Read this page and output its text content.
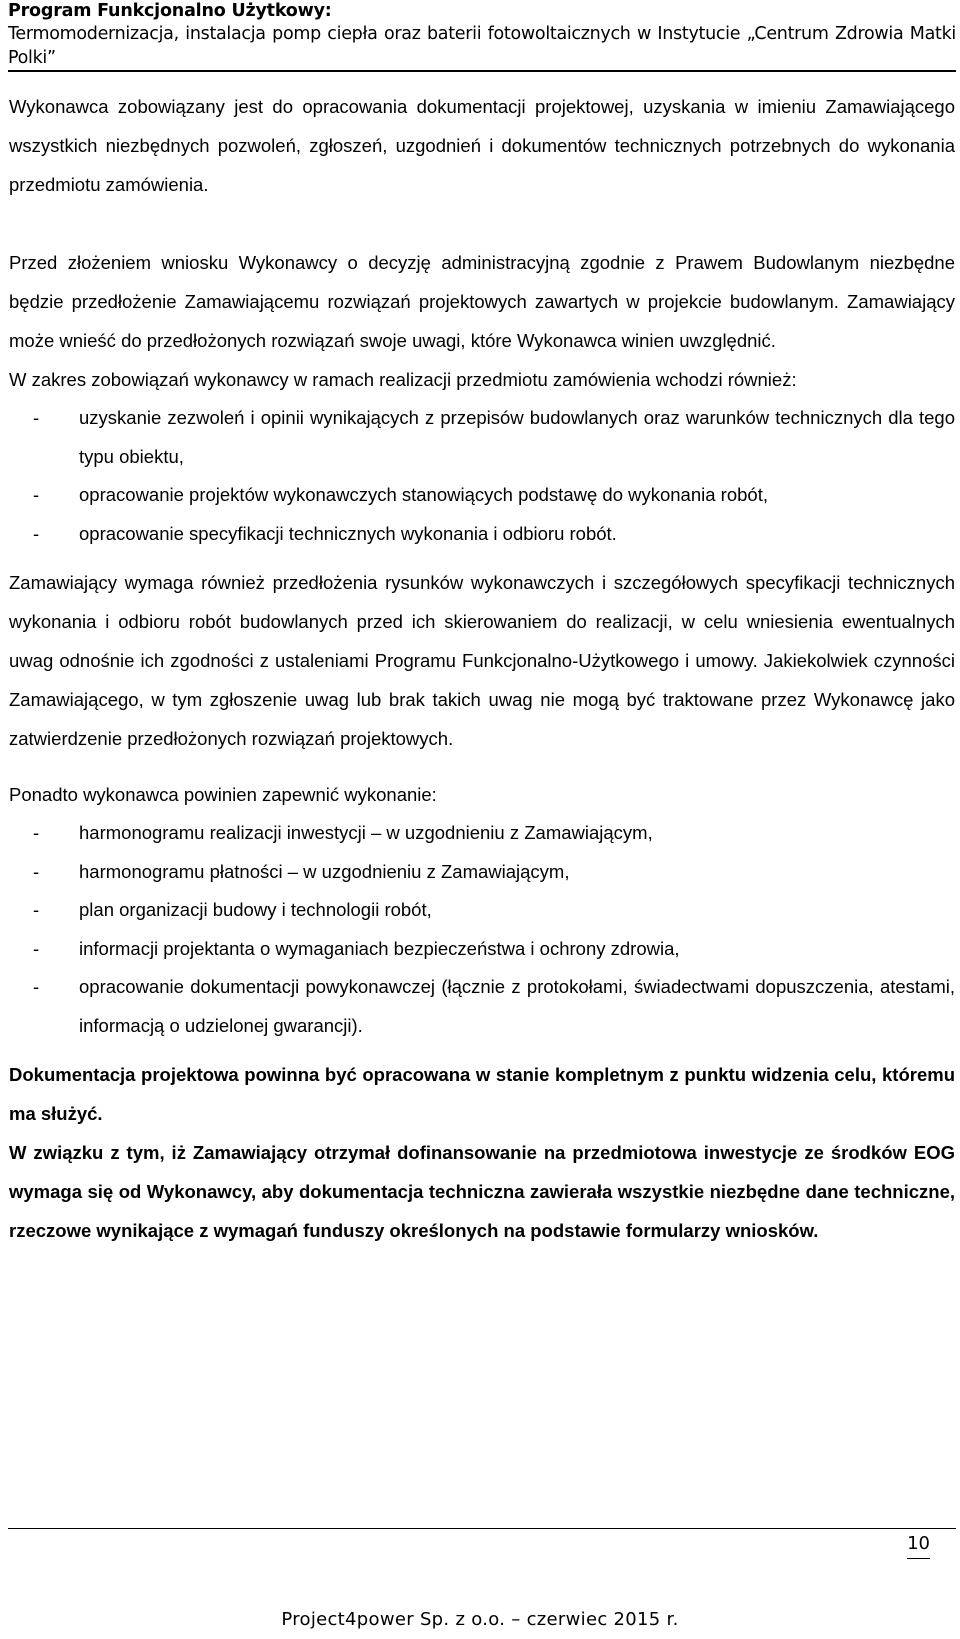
Program Funkcjonalno Użytkowy:
Termomodernizacja, instalacja pomp ciepła oraz baterii fotowoltaicznych w Instytucie „Centrum Zdrowia Matki Polki”

Wykonawca zobowiązany jest do opracowania dokumentacji projektowej, uzyskania w imieniu Zamawiającego wszystkich niezbędnych pozwoleń, zgłoszeń, uzgodnień i dokumentów technicznych potrzebnych do wykonania przedmiotu zamówienia.

Przed złożeniem wniosku Wykonawcy o decyzję administracyjną zgodnie z Prawem Budowlanym niezbędne będzie przedłożenie Zamawiającemu rozwiązań projektowych zawartych w projekcie budowlanym. Zamawiający może wnieść do przedłożonych rozwiązań swoje uwagi, które Wykonawca winien uwzględnić.

W zakres zobowiązań wykonawcy w ramach realizacji przedmiotu zamówienia wchodzi również:

- uzyskanie zezwoleń i opinii wynikających z przepisów budowlanych oraz warunków technicznych dla tego typu obiektu,
- opracowanie projektów wykonawczych stanowiących podstawę do wykonania robót,
- opracowanie specyfikacji technicznych wykonania i odbioru robót.

Zamawiający wymaga również przedłożenia rysunków wykonawczych i szczegółowych specyfikacji technicznych wykonania i odbioru robót budowlanych przed ich skierowaniem do realizacji, w celu wniesienia ewentualnych uwag odnośnie ich zgodności z ustaleniami Programu Funkcjonalno-Użytkowego i umowy. Jakiekolwiek czynności Zamawiającego, w tym zgłoszenie uwag lub brak takich uwag nie mogą być traktowane przez Wykonawcę jako zatwierdzenie przedłożonych rozwiązań projektowych.

Ponadto wykonawca powinien zapewnić wykonanie:

- harmonogramu realizacji inwestycji – w uzgodnieniu z Zamawiającym,
- harmonogramu płatności – w uzgodnieniu z Zamawiającym,
- plan organizacji budowy i technologii robót,
- informacji projektanta o wymaganiach bezpieczeństwa i ochrony zdrowia,
- opracowanie dokumentacji powykonawczej (łącznie z protokołami, świadectwami dopuszczenia, atestami, informacją o udzielonej gwarancji).

Dokumentacja projektowa powinna być opracowana w stanie kompletnym z punktu widzenia celu, któremu ma służyć.

W związku z tym, iż Zamawiający otrzymał dofinansowanie na przedmiotowa inwestycje ze środków EOG wymaga się od Wykonawcy, aby dokumentacja techniczna zawierała wszystkie niezbędne dane techniczne, rzeczowe wynikające z wymagań funduszy określonych na podstawie formularzy wniosków.

10
Project4power Sp. z o.o. – czerwiec 2015 r.
